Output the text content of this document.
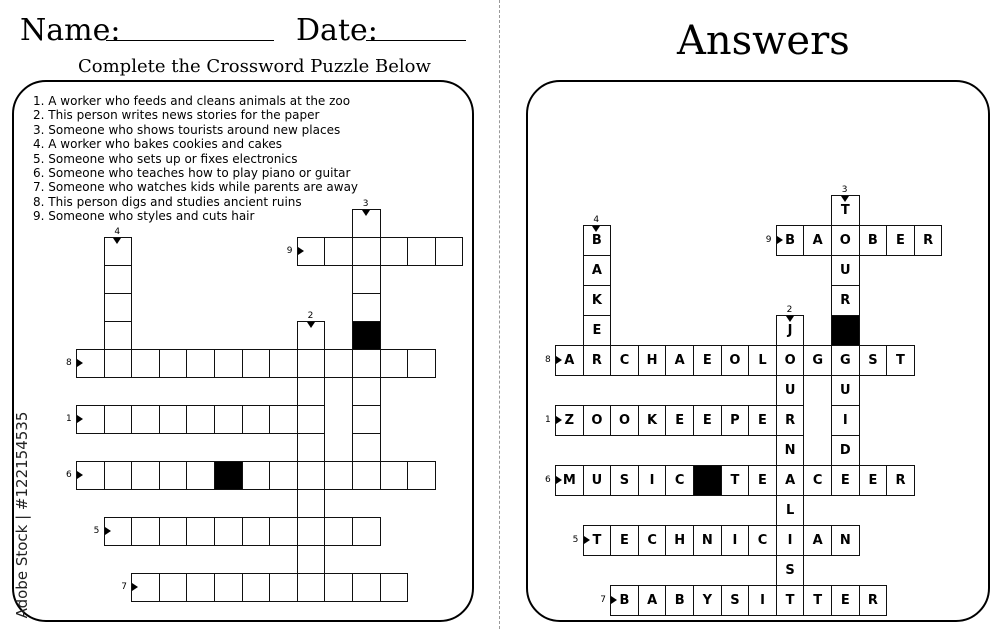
Name:	Date:
Complete the Crossword Puzzle Below
1. A worker who feeds and cleans animals at the zoo
2. This person writes news stories for the paper
3. Someone who shows tourists around new places
4. A worker who bakes cookies and cakes
5. Someone who sets up or fixes electronics
6. Someone who teaches how to play piano or guitar
7. Someone who watches kids while parents are away
8. This person digs and studies ancient ruins
9. Someone who styles and cuts hair
Answers
Adobe Stock | #122154535
8
1
6
5
7
9
3
4
2
A	R	C	H	A	E	O	L	O	G	G	S	T
Z	O	O	K	E	E	P	E	R
M	U	S	I	C	T	E	A	C	E	E	R
T	E	C	H	N	I	C	I	A	N
B	A	B	Y	S	I	T	T	E	R
B	A	O	B	E	R
T
U
R
U
I
D
B
A
K
E	J
U
N
L
S
8
1
6
5
7
9
3
4
2
